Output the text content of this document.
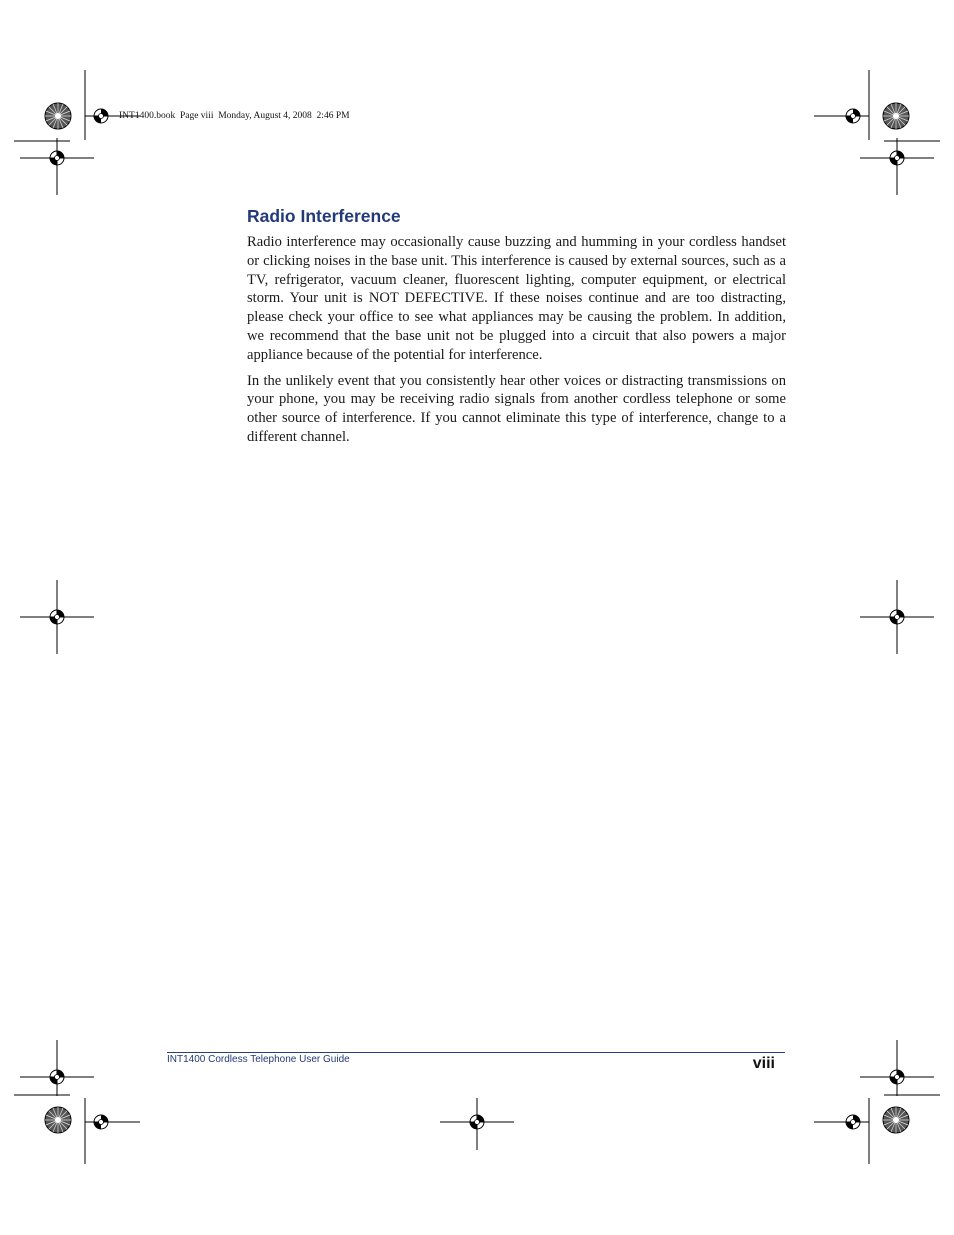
INT1400.book  Page viii  Monday, August 4, 2008  2:46 PM
Radio Interference

Radio interference may occasionally cause buzzing and humming in your cordless handset or clicking noises in the base unit. This interference is caused by external sources, such as a TV, refrigerator, vacuum cleaner, fluorescent lighting, computer equipment, or electrical storm. Your unit is NOT DEFECTIVE. If these noises continue and are too distracting, please check your office to see what appliances may be causing the problem. In addition, we recommend that the base unit not be plugged into a circuit that also powers a major appliance because of the potential for interference.

In the unlikely event that you consistently hear other voices or distracting transmissions on your phone, you may be receiving radio signals from another cordless telephone or some other source of interference. If you cannot eliminate this type of interference, change to a different channel.

INT1400 Cordless Telephone User Guide	viii
